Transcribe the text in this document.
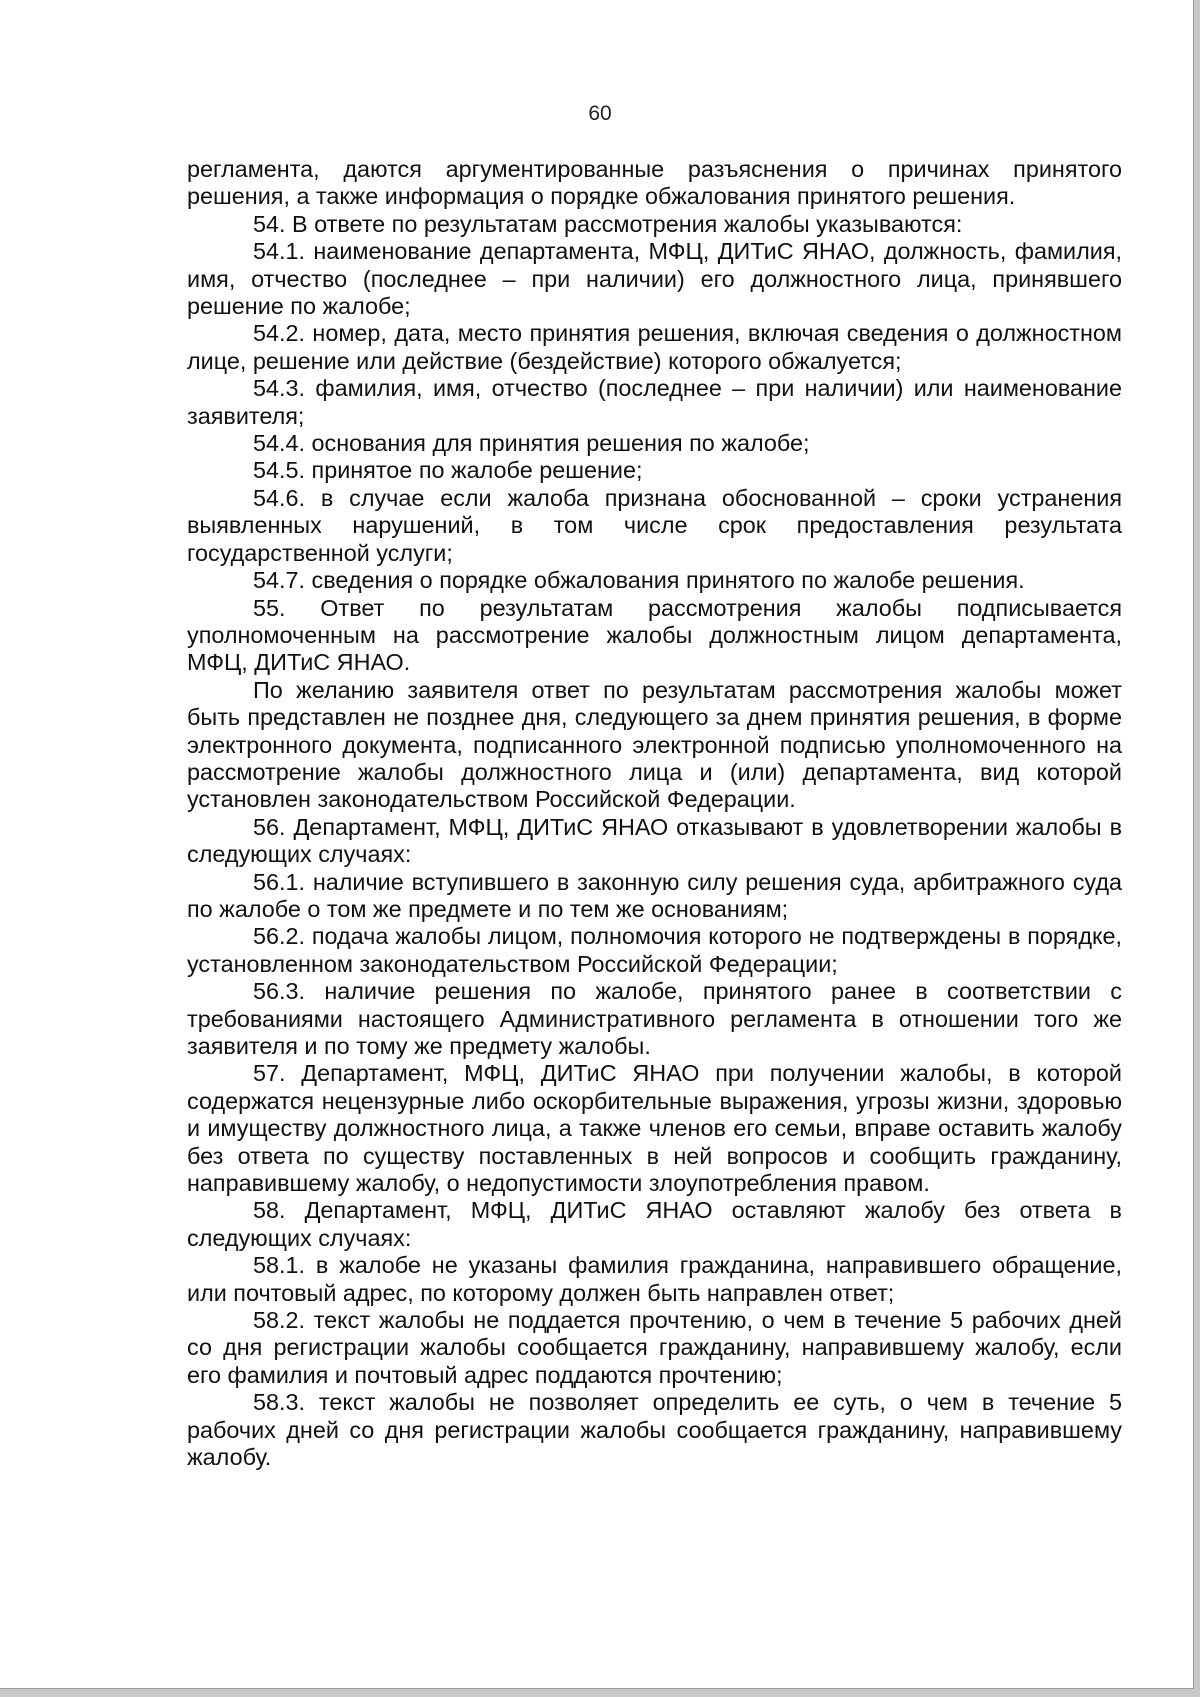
60

регламента, даются аргументированные разъяснения о причинах принятого решения, а также информация о порядке обжалования принятого решения.

54. В ответе по результатам рассмотрения жалобы указываются:

54.1. наименование департамента, МФЦ, ДИТиС ЯНАО, должность, фамилия, имя, отчество (последнее – при наличии) его должностного лица, принявшего решение по жалобе;

54.2. номер, дата, место принятия решения, включая сведения о должностном лице, решение или действие (бездействие) которого обжалуется;

54.3. фамилия, имя, отчество (последнее – при наличии) или наименование заявителя;

54.4. основания для принятия решения по жалобе;

54.5. принятое по жалобе решение;

54.6. в случае если жалоба признана обоснованной – сроки устранения выявленных нарушений, в том числе срок предоставления результата государственной услуги;

54.7. сведения о порядке обжалования принятого по жалобе решения.

55. Ответ по результатам рассмотрения жалобы подписывается уполномоченным на рассмотрение жалобы должностным лицом департамента, МФЦ, ДИТиС ЯНАО.

По желанию заявителя ответ по результатам рассмотрения жалобы может быть представлен не позднее дня, следующего за днем принятия решения, в форме электронного документа, подписанного электронной подписью уполномоченного на рассмотрение жалобы должностного лица и (или) департамента, вид которой установлен законодательством Российской Федерации.

56. Департамент, МФЦ, ДИТиС ЯНАО отказывают в удовлетворении жалобы в следующих случаях:

56.1. наличие вступившего в законную силу решения суда, арбитражного суда по жалобе о том же предмете и по тем же основаниям;

56.2. подача жалобы лицом, полномочия которого не подтверждены в порядке, установленном законодательством Российской Федерации;

56.3. наличие решения по жалобе, принятого ранее в соответствии с требованиями настоящего Административного регламента в отношении того же заявителя и по тому же предмету жалобы.

57. Департамент, МФЦ, ДИТиС ЯНАО при получении жалобы, в которой содержатся нецензурные либо оскорбительные выражения, угрозы жизни, здоровью и имуществу должностного лица, а также членов его семьи, вправе оставить жалобу без ответа по существу поставленных в ней вопросов и сообщить гражданину, направившему жалобу, о недопустимости злоупотребления правом.

58. Департамент, МФЦ, ДИТиС ЯНАО оставляют жалобу без ответа в следующих случаях:

58.1. в жалобе не указаны фамилия гражданина, направившего обращение, или почтовый адрес, по которому должен быть направлен ответ;

58.2. текст жалобы не поддается прочтению, о чем в течение 5 рабочих дней со дня регистрации жалобы сообщается гражданину, направившему жалобу, если его фамилия и почтовый адрес поддаются прочтению;

58.3. текст жалобы не позволяет определить ее суть, о чем в течение 5 рабочих дней со дня регистрации жалобы сообщается гражданину, направившему жалобу.
